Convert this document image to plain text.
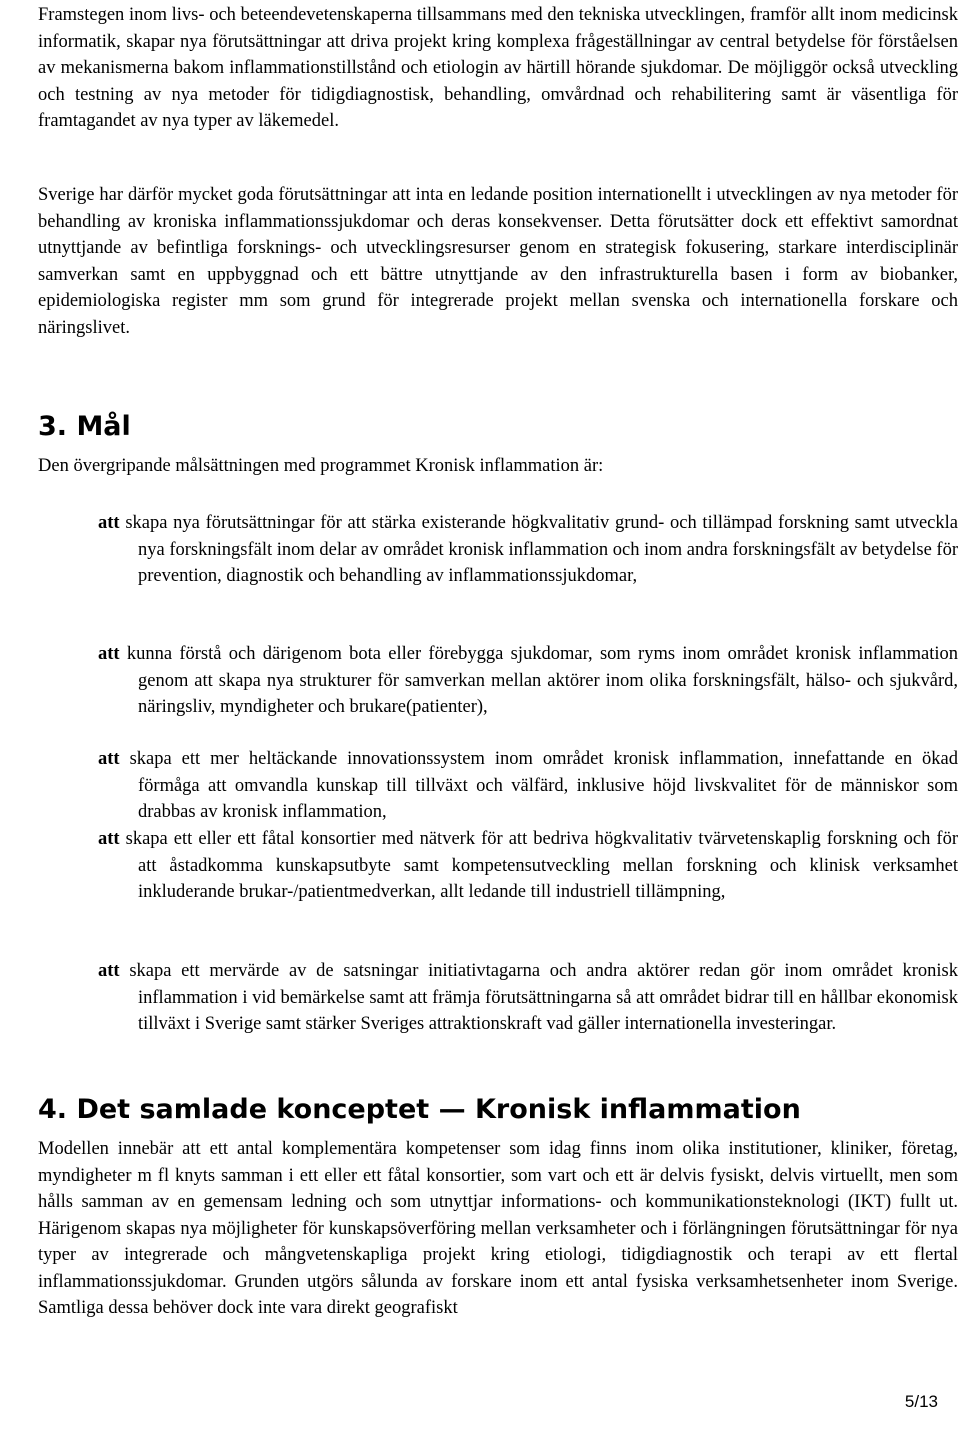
Framstegen inom livs- och beteendevetenskaperna tillsammans med den tekniska utvecklingen, framför allt inom medicinsk informatik, skapar nya förutsättningar att driva projekt kring komplexa frågeställningar av central betydelse för förståelsen av mekanismerna bakom inflammationstillstånd och etiologin av härtill hörande sjukdomar. De möjliggör också utveckling och testning av nya metoder för tidigdiagnostisk, behandling, omvårdnad och rehabilitering samt är väsentliga för framtagandet av nya typer av läkemedel.

Sverige har därför mycket goda förutsättningar att inta en ledande position internationellt i utvecklingen av nya metoder för behandling av kroniska inflammationssjukdomar och deras konsekvenser. Detta förutsätter dock ett effektivt samordnat utnyttjande av befintliga forsknings- och utvecklingsresurser genom en strategisk fokusering, starkare interdisciplinär samverkan samt en uppbyggnad och ett bättre utnyttjande av den infrastrukturella basen i form av biobanker, epidemiologiska register mm som grund för integrerade projekt mellan svenska och internationella forskare och näringslivet.

3. Mål

Den övergripande målsättningen med programmet Kronisk inflammation är:

att skapa nya förutsättningar för att stärka existerande högkvalitativ grund- och tillämpad forskning samt utveckla nya forskningsfält inom delar av området kronisk inflammation och inom andra forskningsfält av betydelse för prevention, diagnostik och behandling av inflammationssjukdomar,

att kunna förstå och därigenom bota eller förebygga sjukdomar, som ryms inom området kronisk inflammation genom att skapa nya strukturer för samverkan mellan aktörer inom olika forskningsfält, hälso- och sjukvård, näringsliv, myndigheter och brukare(patienter),

att skapa ett mer heltäckande innovationssystem inom området kronisk inflammation, innefattande en ökad förmåga att omvandla kunskap till tillväxt och välfärd, inklusive höjd livskvalitet för de människor som drabbas av kronisk inflammation,

att skapa ett eller ett fåtal konsortier med nätverk för att bedriva högkvalitativ tvärvetenskaplig forskning och för att åstadkomma kunskapsutbyte samt kompetensutveckling mellan forskning och klinisk verksamhet inkluderande brukar-/patientmedverkan, allt ledande till industriell tillämpning,

att skapa ett mervärde av de satsningar initiativtagarna och andra aktörer redan gör inom området kronisk inflammation i vid bemärkelse samt att främja förutsättningarna så att området bidrar till en hållbar ekonomisk tillväxt i Sverige samt stärker Sveriges attraktionskraft vad gäller internationella investeringar.

4. Det samlade konceptet — Kronisk inflammation

Modellen innebär att ett antal komplementära kompetenser som idag finns inom olika institutioner, kliniker, företag, myndigheter m fl knyts samman i ett eller ett fåtal konsortier, som vart och ett är delvis fysiskt, delvis virtuellt, men som hålls samman av en gemensam ledning och som utnyttjar informations- och kommunikationsteknologi (IKT) fullt ut. Härigenom skapas nya möjligheter för kunskapsöverföring mellan verksamheter och i förlängningen förutsättningar för nya typer av integrerade och mångvetenskapliga projekt kring etiologi, tidigdiagnostik och terapi av ett flertal inflammationssjukdomar. Grunden utgörs sålunda av forskare inom ett antal fysiska verksamhetsenheter inom Sverige. Samtliga dessa behöver dock inte vara direkt geografiskt

5/13
